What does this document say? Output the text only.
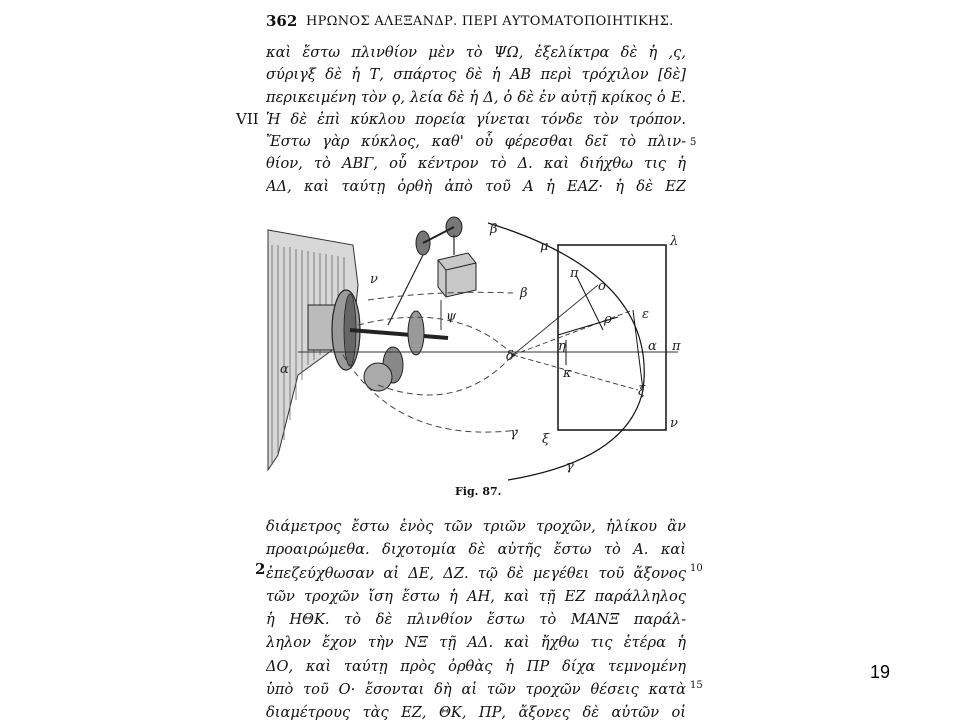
362 ΗΡΩΝΟΣ ΑΛΕΞΑΝΔΡ. ΠΕΡΙ ΑΥΤΟΜΑΤΟΠΟΙΗΤΙΚΗΣ.
καὶ ἔστω πλινθίον μὲν τὸ ΨΩ, ἐξελίκτρα δὲ ἡ ,ς,
σύριγξ δὲ ἡ Τ, σπάρτος δὲ ἡ ΑΒ περὶ τρόχιλον [δὲ]
περικειμένη τὸν ϙ, λεία δὲ ἡ Δ, ὁ δὲ ἐν αὐτῇ κρίκος ὁ Ε.
Ἡ δὲ ἐπὶ κύκλου πορεία γίνεται τόνδε τὸν τρόπον.
Ἔστω γὰρ κύκλος, καθ' οὗ φέρεσθαι δεῖ τὸ πλιν-
θίον, τὸ ΑΒΓ, οὗ κέντρον τὸ Δ. καὶ διήχθω τις ἡ
ΑΔ, καὶ ταύτῃ ὀρθὴ ἀπὸ τοῦ Α ἡ ΕΑΖ· ἡ δὲ ΕΖ
VII
5
β
μ	λ
ν
β
π
ο
ρ ε
δ
η	α π
κ
ξ
α
ψ
γ ξ
ν
γ
Fig. 87.
διάμετρος ἔστω ἑνὸς τῶν τριῶν τροχῶν, ἡλίκου ἂν
προαιρώμεθα. διχοτομία δὲ αὐτῆς ἔστω τὸ Α. καὶ
ἐπεζεύχθωσαν αἱ ΔΕ, ΔΖ. τῷ δὲ μεγέθει τοῦ ἄξονος
τῶν τροχῶν ἴση ἔστω ἡ ΑΗ, καὶ τῇ ΕΖ παράλληλος
ἡ ΗΘΚ. τὸ δὲ πλινθίον ἔστω τὸ ΜΑΝΞ παράλ-
ληλον ἔχον τὴν ΝΞ τῇ ΑΔ. καὶ ἤχθω τις ἑτέρα ἡ
ΔΟ, καὶ ταύτῃ πρὸς ὀρθὰς ἡ ΠΡ δίχα τεμνομένη
ὑπὸ τοῦ Ο· ἔσονται δὴ αἱ τῶν τροχῶν θέσεις κατὰ
διαμέτρους τὰς ΕΖ, ΘΚ, ΠΡ, ἄξονες δὲ αὐτῶν οἱ
2	10
15
19
